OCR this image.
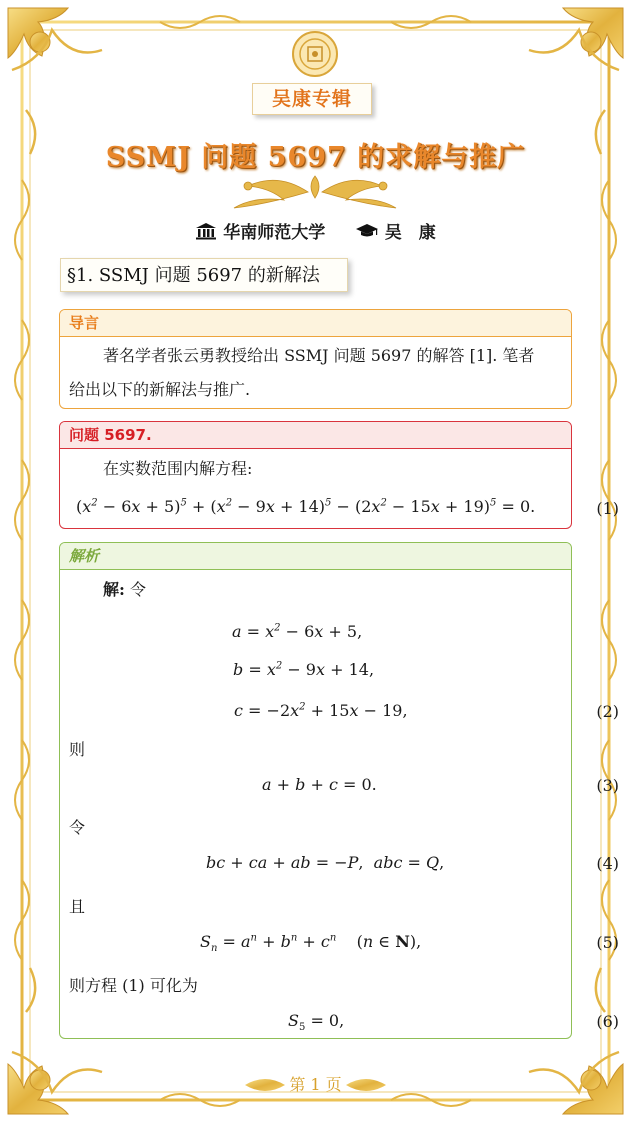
吴康专辑
SSMJ 问题 5697 的求解与推广
华南师范大学	吴　康
§1. SSMJ 问题 5697 的新解法
导言
著名学者张云勇教授给出 SSMJ 问题 5697 的解答 [1]. 笔者
给出以下的新解法与推广.
问题 5697.
在实数范围内解方程:
$(x^2 - 6x + 5)^5 + (x^2 - 9x + 14)^5 - (2x^2 - 15x + 19)^5 = 0$.	(1)
解析
解: 令
$a = x^2 - 6x + 5$,
$b = x^2 - 9x + 14$,
$c = -2x^2 + 15x - 19$,	(2)
则
a + b + c = 0.	(3)
令
bc + ca + ab = −P,  abc = Q,	(4)
且
$S_n = a^n + b^n + c^n$ (n ∈ N),	(5)
则方程 (1) 可化为
$S_5 = 0$,	(6)
第 1 页
